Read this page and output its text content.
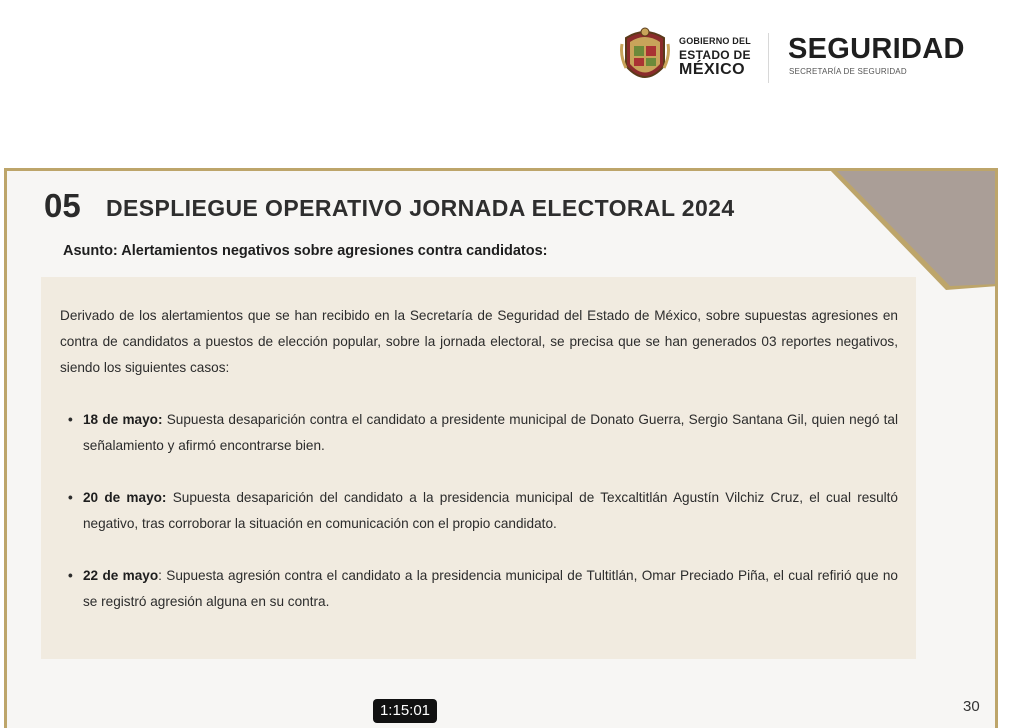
GOBIERNO DEL
ESTADO DE
MÉXICO
SEGURIDAD
SECRETARÍA DE SEGURIDAD
05 DESPLIEGUE OPERATIVO JORNADA ELECTORAL 2024
Asunto: Alertamientos negativos sobre agresiones contra candidatos:
Derivado de los alertamientos que se han recibido en la Secretaría de Seguridad del Estado de México, sobre supuestas agresiones en contra de candidatos a puestos de elección popular, sobre la jornada electoral, se precisa que se han generados 03 reportes negativos, siendo los siguientes casos:
• 18 de mayo: Supuesta desaparición contra el candidato a presidente municipal de Donato Guerra, Sergio Santana Gil, quien negó tal señalamiento y afirmó encontrarse bien.
• 20 de mayo: Supuesta desaparición del candidato a la presidencia municipal de Texcaltitlán Agustín Vilchiz Cruz, el cual resultó negativo, tras corroborar la situación en comunicación con el propio candidato.
• 22 de mayo: Supuesta agresión contra el candidato a la presidencia municipal de Tultitlán, Omar Preciado Piña, el cual refirió que no se registró agresión alguna en su contra.
30
1:15:01
